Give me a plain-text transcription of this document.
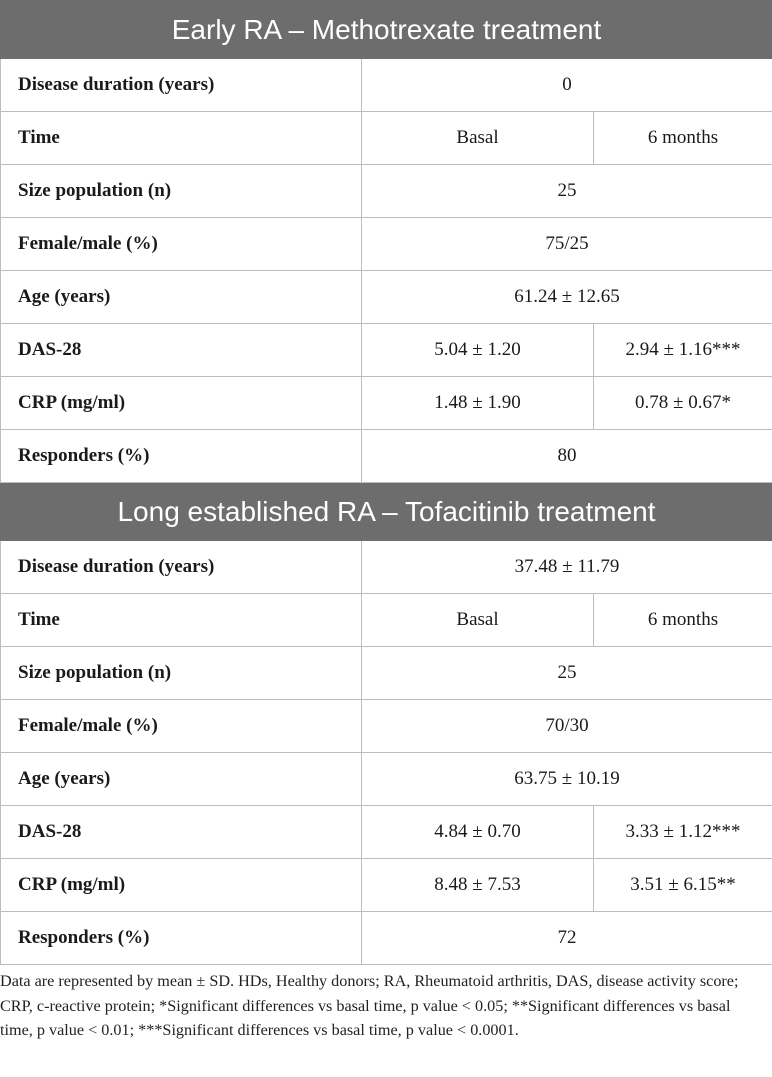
Early RA – Methotrexate treatment		
Disease duration (years)	0	
Time	Basal	6 months
Size population (n)	25	
Female/male (%)	75/25	
Age (years)	61.24 ± 12.65	
DAS-28	5.04 ± 1.20	2.94 ± 1.16***
CRP (mg/ml)	1.48 ± 1.90	0.78 ± 0.67*
Responders (%)	80	
Long established RA – Tofacitinib treatment		
Disease duration (years)	37.48 ± 11.79	
Time	Basal	6 months
Size population (n)	25	
Female/male (%)	70/30	
Age (years)	63.75 ± 10.19	
DAS-28	4.84 ± 0.70	3.33 ± 1.12***
CRP (mg/ml)	8.48 ± 7.53	3.51 ± 6.15**
Responders (%)	72	
Data are represented by mean ± SD. HDs, Healthy donors; RA, Rheumatoid arthritis, DAS, disease activity score; CRP, c-reactive protein; *Significant differences vs basal time, p value < 0.05; **Significant differences vs basal time, p value < 0.01; ***Significant differences vs basal time, p value < 0.0001.
